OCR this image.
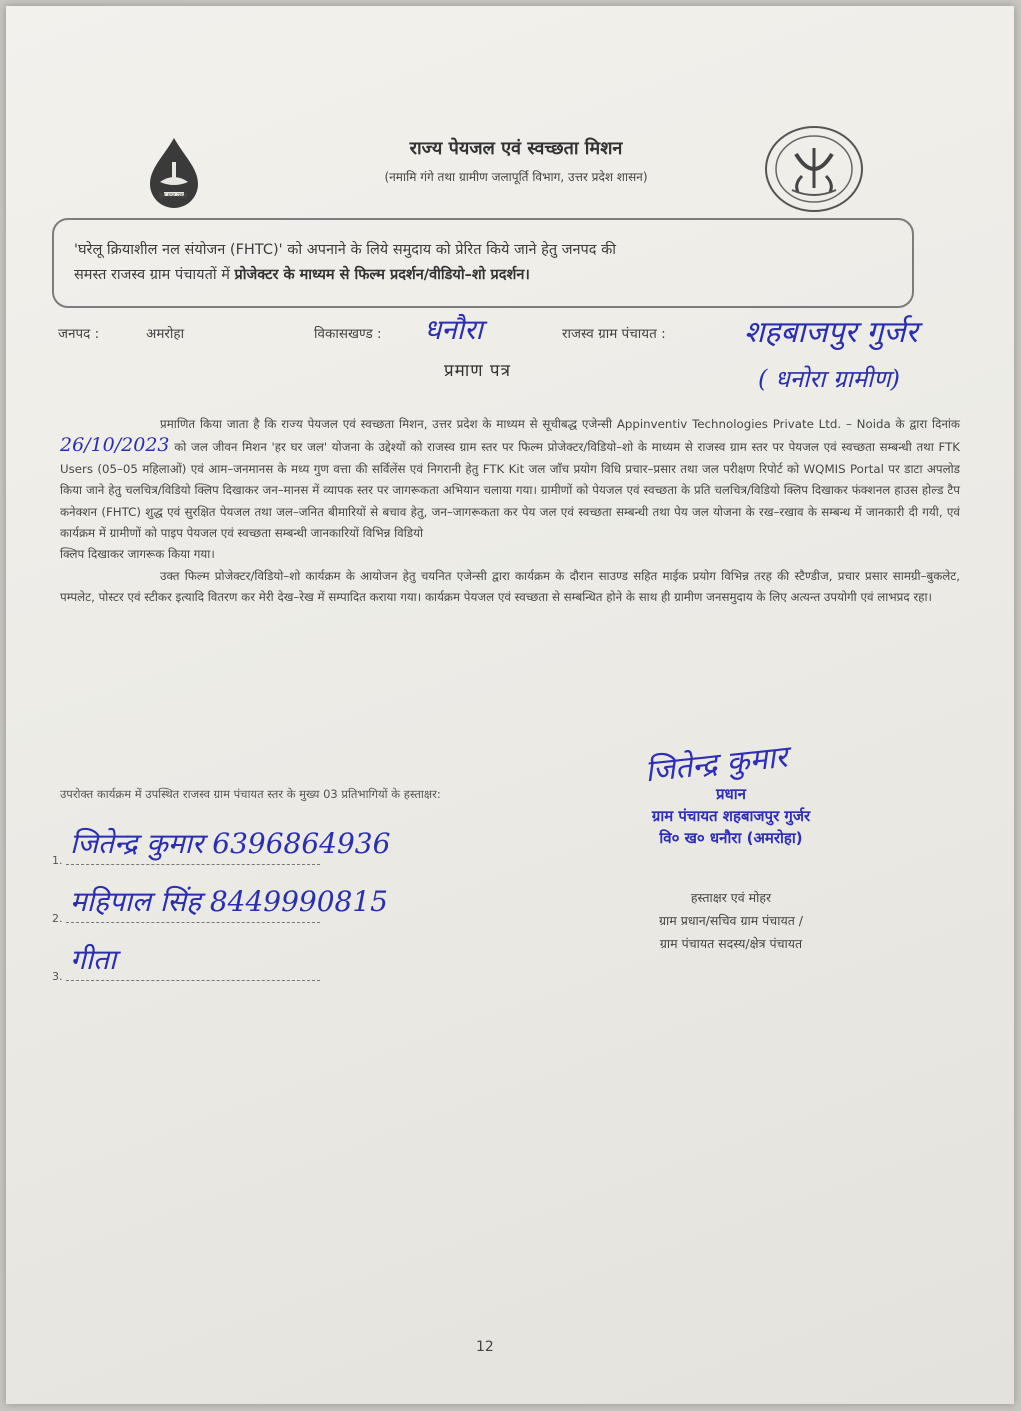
हर घर जल
राज्य पेयजल एवं स्वच्छता मिशन
(नमामि गंगे तथा ग्रामीण जलापूर्ति विभाग, उत्तर प्रदेश शासन)
'घरेलू क्रियाशील नल संयोजन (FHTC)' को अपनाने के लिये समुदाय को प्रेरित किये जाने हेतु जनपद की
समस्त राजस्व ग्राम पंचायतों में प्रोजेक्टर के माध्यम से फिल्म प्रदर्शन/वीडियो–शो प्रदर्शन।
जनपद :	अमरोहा	विकासखण्ड : धनौरा	राजस्व ग्राम पंचायत :	शहबाजपुर गुर्जर
( धनोरा ग्रामीण)
प्रमाण पत्र

प्रमाणित किया जाता है कि राज्य पेयजल एवं स्वच्छता मिशन, उत्तर प्रदेश के माध्यम से सूचीबद्ध एजेन्सी Appinventiv Technologies Private Ltd. – Noida के द्वारा दिनांक 26/10/2023 को जल जीवन मिशन 'हर घर जल' योजना के उद्देश्यों को राजस्व ग्राम स्तर पर फिल्म प्रोजेक्टर/विडियो–शो के माध्यम से राजस्व ग्राम स्तर पर पेयजल एवं स्वच्छता सम्बन्धी तथा FTK Users (05–05 महिलाओं) एवं आम–जनमानस के मध्य गुण वत्ता की सर्विलेंस एवं निगरानी हेतु FTK Kit जल जाँच प्रयोग विधि प्रचार–प्रसार तथा जल परीक्षण रिपोर्ट को WQMIS Portal पर डाटा अपलोड किया जाने हेतु चलचित्र/विडियो क्लिप दिखाकर जन–मानस में व्यापक स्तर पर जागरूकता अभियान चलाया गया। ग्रामीणों को पेयजल एवं स्वच्छता के प्रति चलचित्र/विडियो क्लिप दिखाकर फंक्शनल हाउस होल्ड टैप कनेक्शन (FHTC) शुद्ध एवं सुरक्षित पेयजल तथा जल–जनित बीमारियों से बचाव हेतु, जन–जागरूकता कर पेय जल एवं स्वच्छता सम्बन्धी तथा पेय जल योजना के रख–रखाव के सम्बन्ध में जानकारी दी गयी, एवं कार्यक्रम में ग्रामीणों को पाइप पेयजल एवं स्वच्छता सम्बन्धी जानकारियों विभिन्न विडियो

क्लिप दिखाकर जागरूक किया गया।

उक्त फिल्म प्रोजेक्टर/विडियो–शो कार्यक्रम के आयोजन हेतु चयनित एजेन्सी द्वारा कार्यक्रम के दौरान साउण्ड सहित माईक प्रयोग विभिन्न तरह की स्टैण्डीज, प्रचार प्रसार सामग्री–बुकलेट, पम्पलेट, पोस्टर एवं स्टीकर इत्यादि वितरण कर मेरी देख–रेख में सम्पादित कराया गया। कार्यक्रम पेयजल एवं स्वच्छता से सम्बन्धित होने के साथ ही ग्रामीण जनसमुदाय के लिए अत्यन्त उपयोगी एवं लाभप्रद रहा।

उपरोक्त कार्यक्रम में उपस्थित राजस्व ग्राम पंचायत स्तर के मुख्य 03 प्रतिभागियों के हस्ताक्षर:
1.
जितेन्द्र कुमार 6396864936
2.
महिपाल सिंह 8449990815
3.
गीता
जितेन्द्र कुमार
प्रधान
ग्राम पंचायत शहबाजपुर गुर्जर
वि० ख० धनौरा (अमरोहा)
हस्ताक्षर एवं मोहर
ग्राम प्रधान/सचिव ग्राम पंचायत /
ग्राम पंचायत सदस्य/क्षेत्र पंचायत
12
